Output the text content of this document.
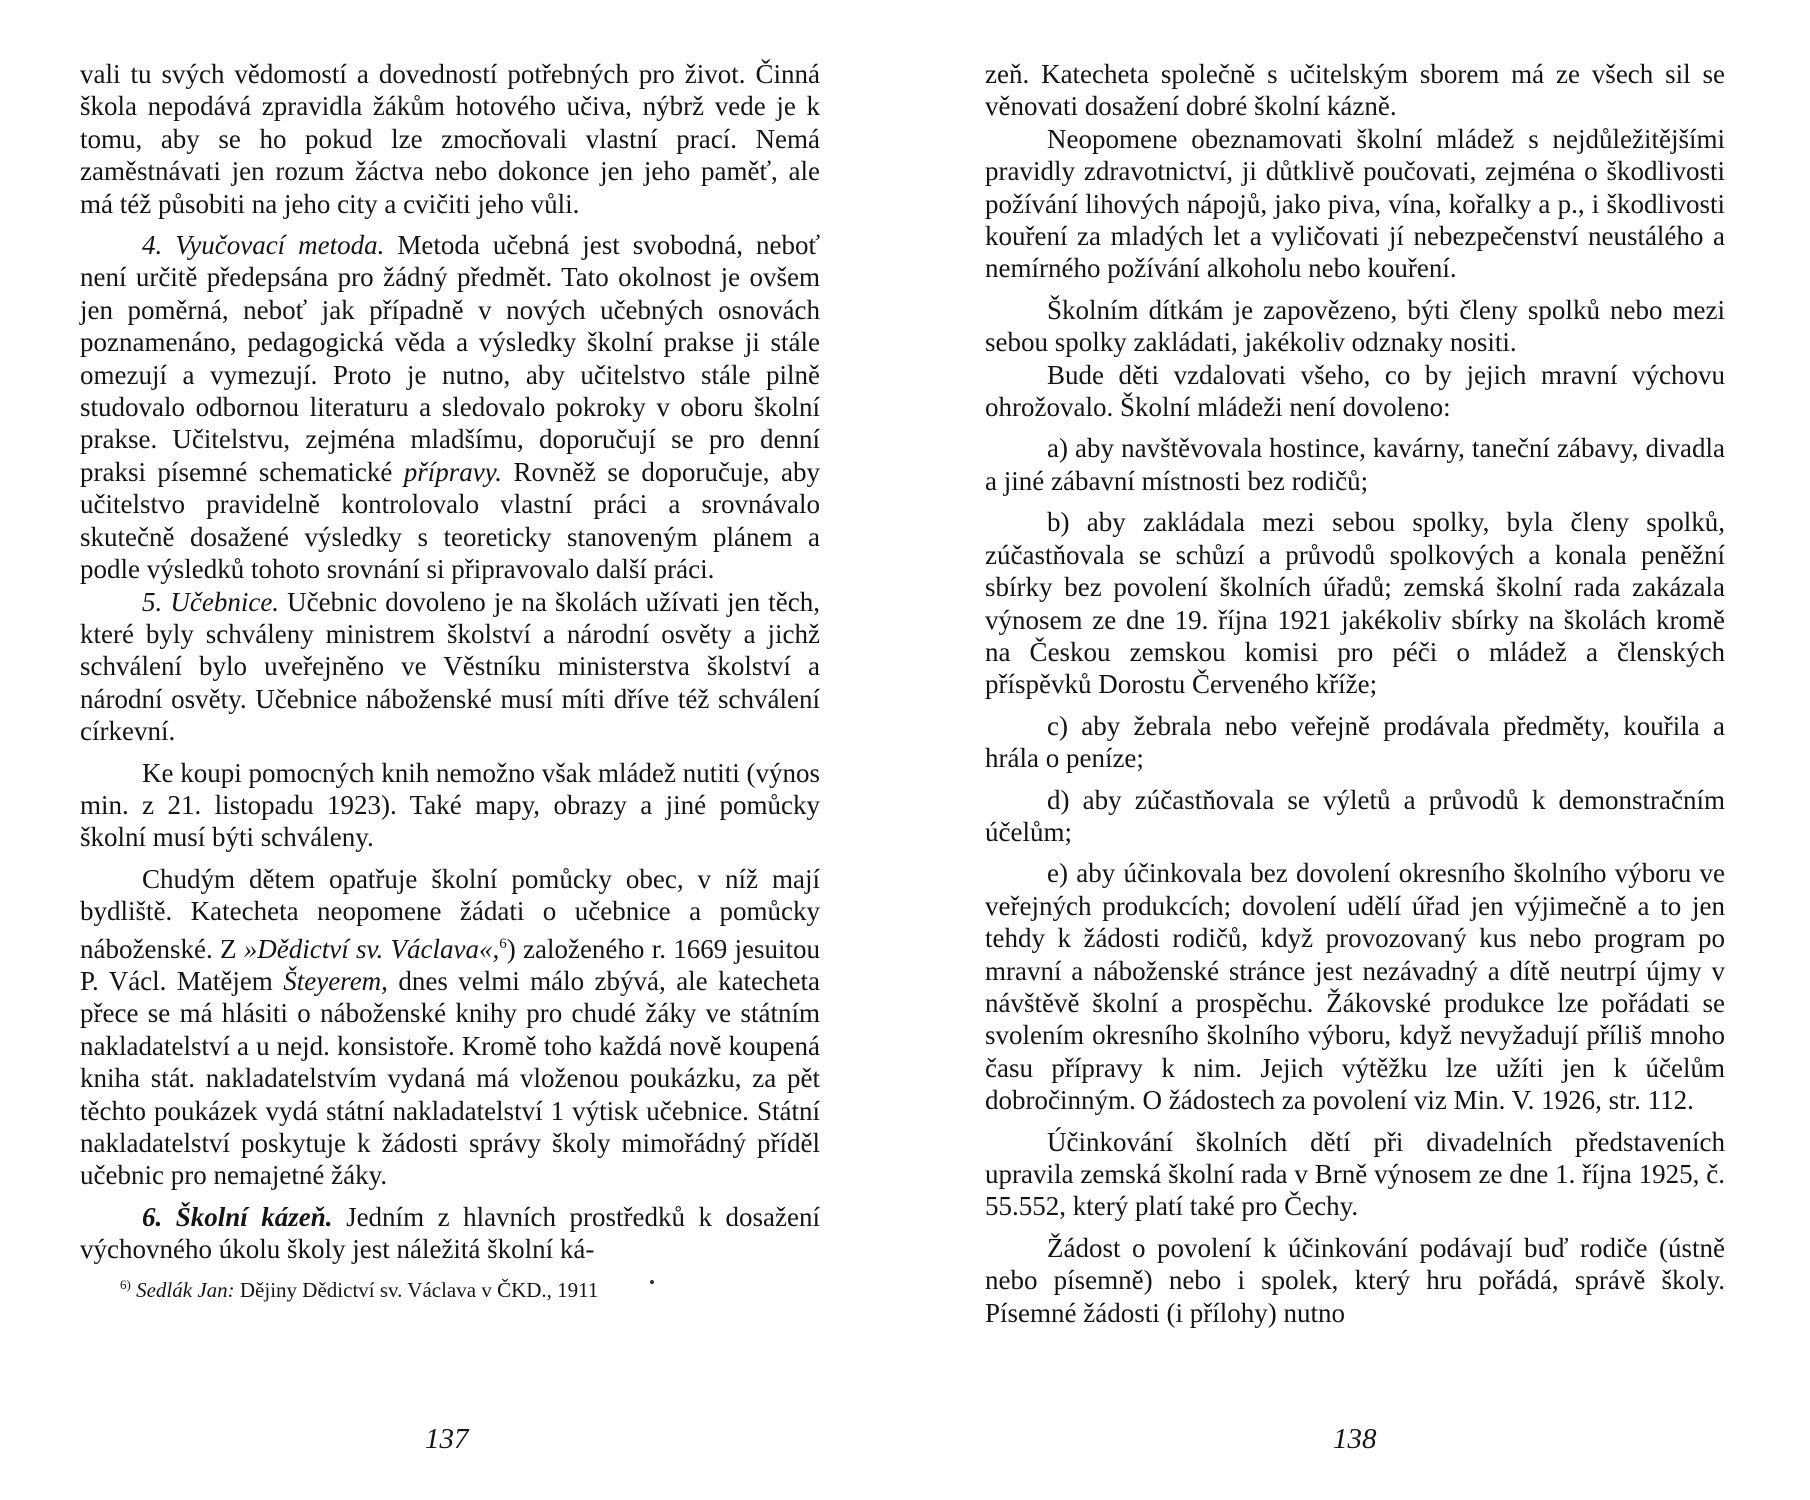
vali tu svých vědomostí a dovedností potřebných pro život. Činná škola nepodává zpravidla žákům hotového učiva, nýbrž vede je k tomu, aby se ho pokud lze zmocňovali vlastní prací. Nemá zaměstnávati jen rozum žáctva nebo dokonce jen jeho paměť, ale má též působiti na jeho city a cvičiti jeho vůli.

4. Vyučovací metoda. Metoda učebná jest svobodná, neboť není určitě předepsána pro žádný předmět. Tato okolnost je ovšem jen poměrná, neboť jak případně v nových učebných osnovách poznamenáno, pedagogická věda a výsledky školní prakse ji stále omezují a vymezují. Proto je nutno, aby učitelstvo stále pilně studovalo odbornou literaturu a sledovalo pokroky v oboru školní prakse. Učitelstvu, zejména mladšímu, doporučují se pro denní praksi písemné schematické přípravy. Rovněž se doporučuje, aby učitelstvo pravidelně kontrolovalo vlastní práci a srovnávalo skutečně dosažené výsledky s teoreticky stanoveným plánem a podle výsledků tohoto srovnání si připravovalo další práci.

5. Učebnice. Učebnic dovoleno je na školách užívati jen těch, které byly schváleny ministrem školství a národní osvěty a jichž schválení bylo uveřejněno ve Věstníku ministerstva školství a národní osvěty. Učebnice náboženské musí míti dříve též schválení církevní.

Ke koupi pomocných knih nemožno však mládež nutiti (výnos min. z 21. listopadu 1923). Také mapy, obrazy a jiné pomůcky školní musí býti schváleny.

Chudým dětem opatřuje školní pomůcky obec, v níž mají bydliště. Katecheta neopomene žádati o učebnice a pomůcky náboženské. Z »Dědictví sv. Václava«,$^6$) založeného r. 1669 jesuitou P. Václ. Matějem Šteyerem, dnes velmi málo zbývá, ale katecheta přece se má hlásiti o náboženské knihy pro chudé žáky ve státním nakladatelství a u nejd. konsistoře. Kromě toho každá nově koupená kniha stát. nakladatelstvím vydaná má vloženou poukázku, za pět těchto poukázek vydá státní nakladatelství 1 výtisk učebnice. Státní nakladatelství poskytuje k žádosti správy školy mimořádný příděl učebnic pro nemajetné žáky.

6. Školní kázeň. Jedním z hlavních prostředků k dosažení výchovného úkolu školy jest náležitá školní ká-

$^{6)}$ Sedlák Jan: Dějiny Dědictví sv. Václava v ČKD., 1911

zeň. Katecheta společně s učitelským sborem má ze všech sil se věnovati dosažení dobré školní kázně.

Neopomene obeznamovati školní mládež s nejdůležitějšími pravidly zdravotnictví, ji důtklivě poučovati, zejména o škodlivosti požívání lihových nápojů, jako piva, vína, kořalky a p., i škodlivosti kouření za mladých let a vyličovati jí nebezpečenství neustálého a nemírného požívání alkoholu nebo kouření.

Školním dítkám je zapovězeno, býti členy spolků nebo mezi sebou spolky zakládati, jakékoliv odznaky nositi.

Bude děti vzdalovati všeho, co by jejich mravní výchovu ohrožovalo. Školní mládeži není dovoleno:

a) aby navštěvovala hostince, kavárny, taneční zábavy, divadla a jiné zábavní místnosti bez rodičů;

b) aby zakládala mezi sebou spolky, byla členy spolků, zúčastňovala se schůzí a průvodů spolkových a konala peněžní sbírky bez povolení školních úřadů; zemská školní rada zakázala výnosem ze dne 19. října 1921 jakékoliv sbírky na školách kromě na Českou zemskou komisi pro péči o mládež a členských příspěvků Dorostu Červeného kříže;

c) aby žebrala nebo veřejně prodávala předměty, kouřila a hrála o peníze;

d) aby zúčastňovala se výletů a průvodů k demonstračním účelům;

e) aby účinkovala bez dovolení okresního školního výboru ve veřejných produkcích; dovolení udělí úřad jen výjimečně a to jen tehdy k žádosti rodičů, když provozovaný kus nebo program po mravní a náboženské stránce jest nezávadný a dítě neutrpí újmy v návštěvě školní a prospěchu. Žákovské produkce lze pořádati se svolením okresního školního výboru, když nevyžadují příliš mnoho času přípravy k nim. Jejich výtěžku lze užíti jen k účelům dobročinným. O žádostech za povolení viz Min. V. 1926, str. 112.

Účinkování školních dětí při divadelních představeních upravila zemská školní rada v Brně výnosem ze dne 1. října 1925, č. 55.552, který platí také pro Čechy.

Žádost o povolení k účinkování podávají buď rodiče (ústně nebo písemně) nebo i spolek, který hru pořádá, správě školy. Písemné žádosti (i přílohy) nutno

137	138
